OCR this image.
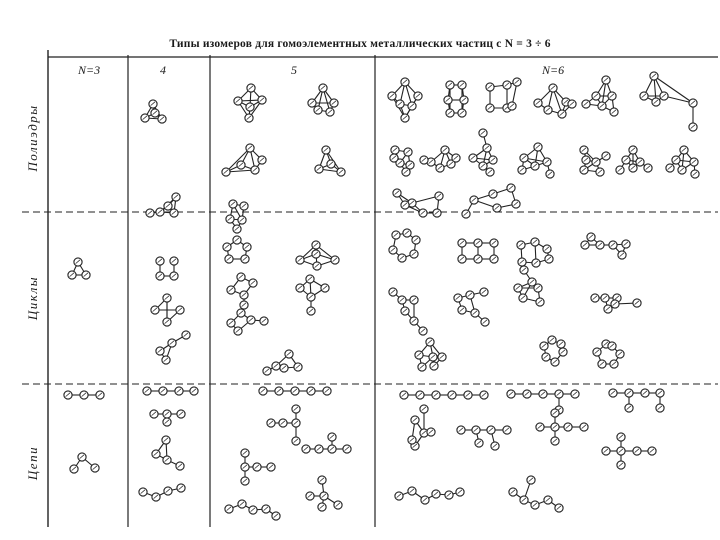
Типы изомеров для гомоэлементных металлических частиц с N = 3 ÷ 6
N=3	4	5	N=6
Полиэдры
Циклы
Цепи
